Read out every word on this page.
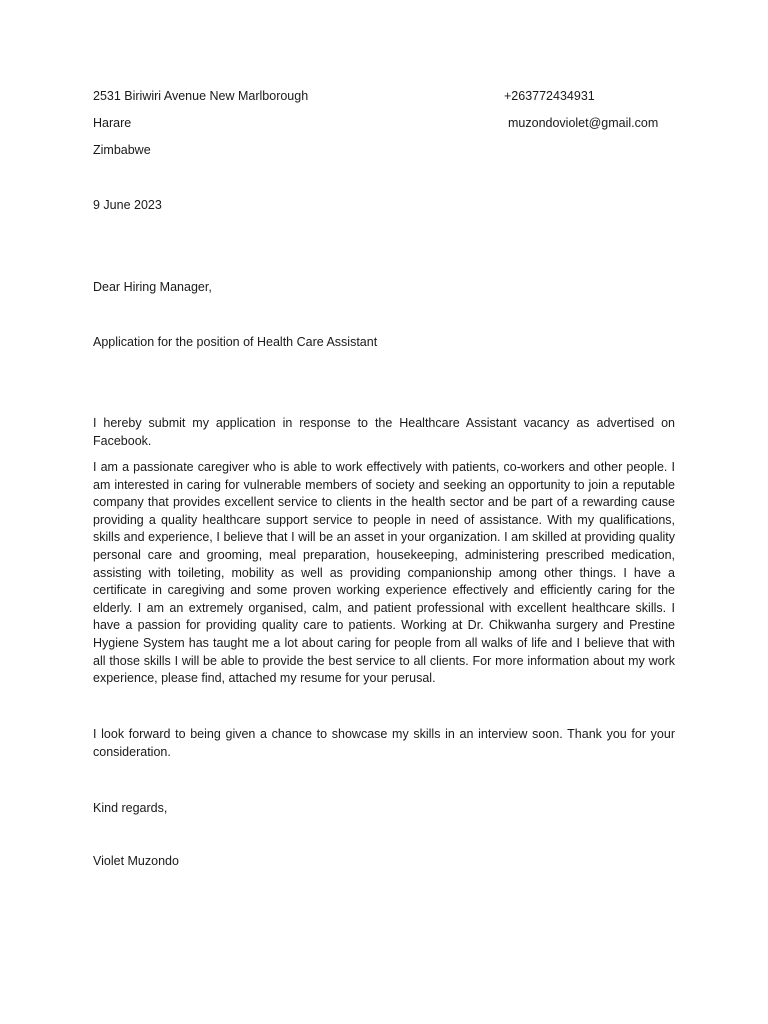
2531 Biriwiri Avenue New Marlborough	+263772434931
Harare	muzondoviolet@gmail.com
Zimbabwe
9 June 2023
Dear Hiring Manager,
Application for the position of Health Care Assistant
I hereby submit my application in response to the Healthcare Assistant vacancy as advertised on Facebook.
I am a passionate caregiver who is able to work effectively with patients, co-workers and other people. I am interested in caring for vulnerable members of society and seeking an opportunity to join a reputable company that provides excellent service to clients in the health sector and be part of a rewarding cause providing a quality healthcare support service to people in need of assistance. With my qualifications, skills and experience, I believe that I will be an asset in your organization. I am skilled at providing quality personal care and grooming, meal preparation, housekeeping, administering prescribed medication, assisting with toileting, mobility as well as providing companionship among other things. I have a certificate in caregiving and some proven working experience effectively and efficiently caring for the elderly. I am an extremely organised, calm, and patient professional with excellent healthcare skills. I have a passion for providing quality care to patients. Working at Dr. Chikwanha surgery and Prestine Hygiene System has taught me a lot about caring for people from all walks of life and I believe that with all those skills I will be able to provide the best service to all clients. For more information about my work experience, please find, attached my resume for your perusal.
I look forward to being given a chance to showcase my skills in an interview soon. Thank you for your consideration.
Kind regards,
Violet Muzondo
